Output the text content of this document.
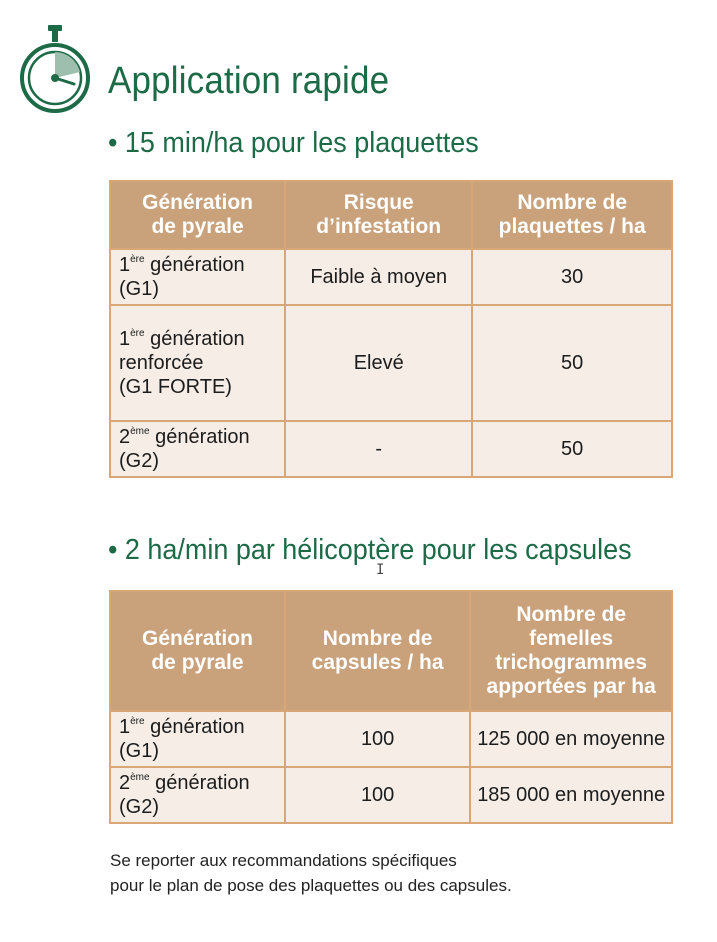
Application rapide
• 15 min/ha pour les plaquettes
Génération
de pyrale	Risque
d’infestation	Nombre de
plaquettes / ha
1ère génération (G1)	Faible à moyen	30
1ère génération
renforcée
(G1 FORTE)	Elevé	50
2ème génération (G2)	-	50
• 2 ha/min par hélicoptère pour les capsules
I
Génération
de pyrale	Nombre de
capsules / ha	Nombre de
femelles
trichogrammes
apportées par ha
1ère génération (G1)	100	125 000 en moyenne
2ème génération (G2)	100	185 000 en moyenne
Se reporter aux recommandations spécifiques
pour le plan de pose des plaquettes ou des capsules.
